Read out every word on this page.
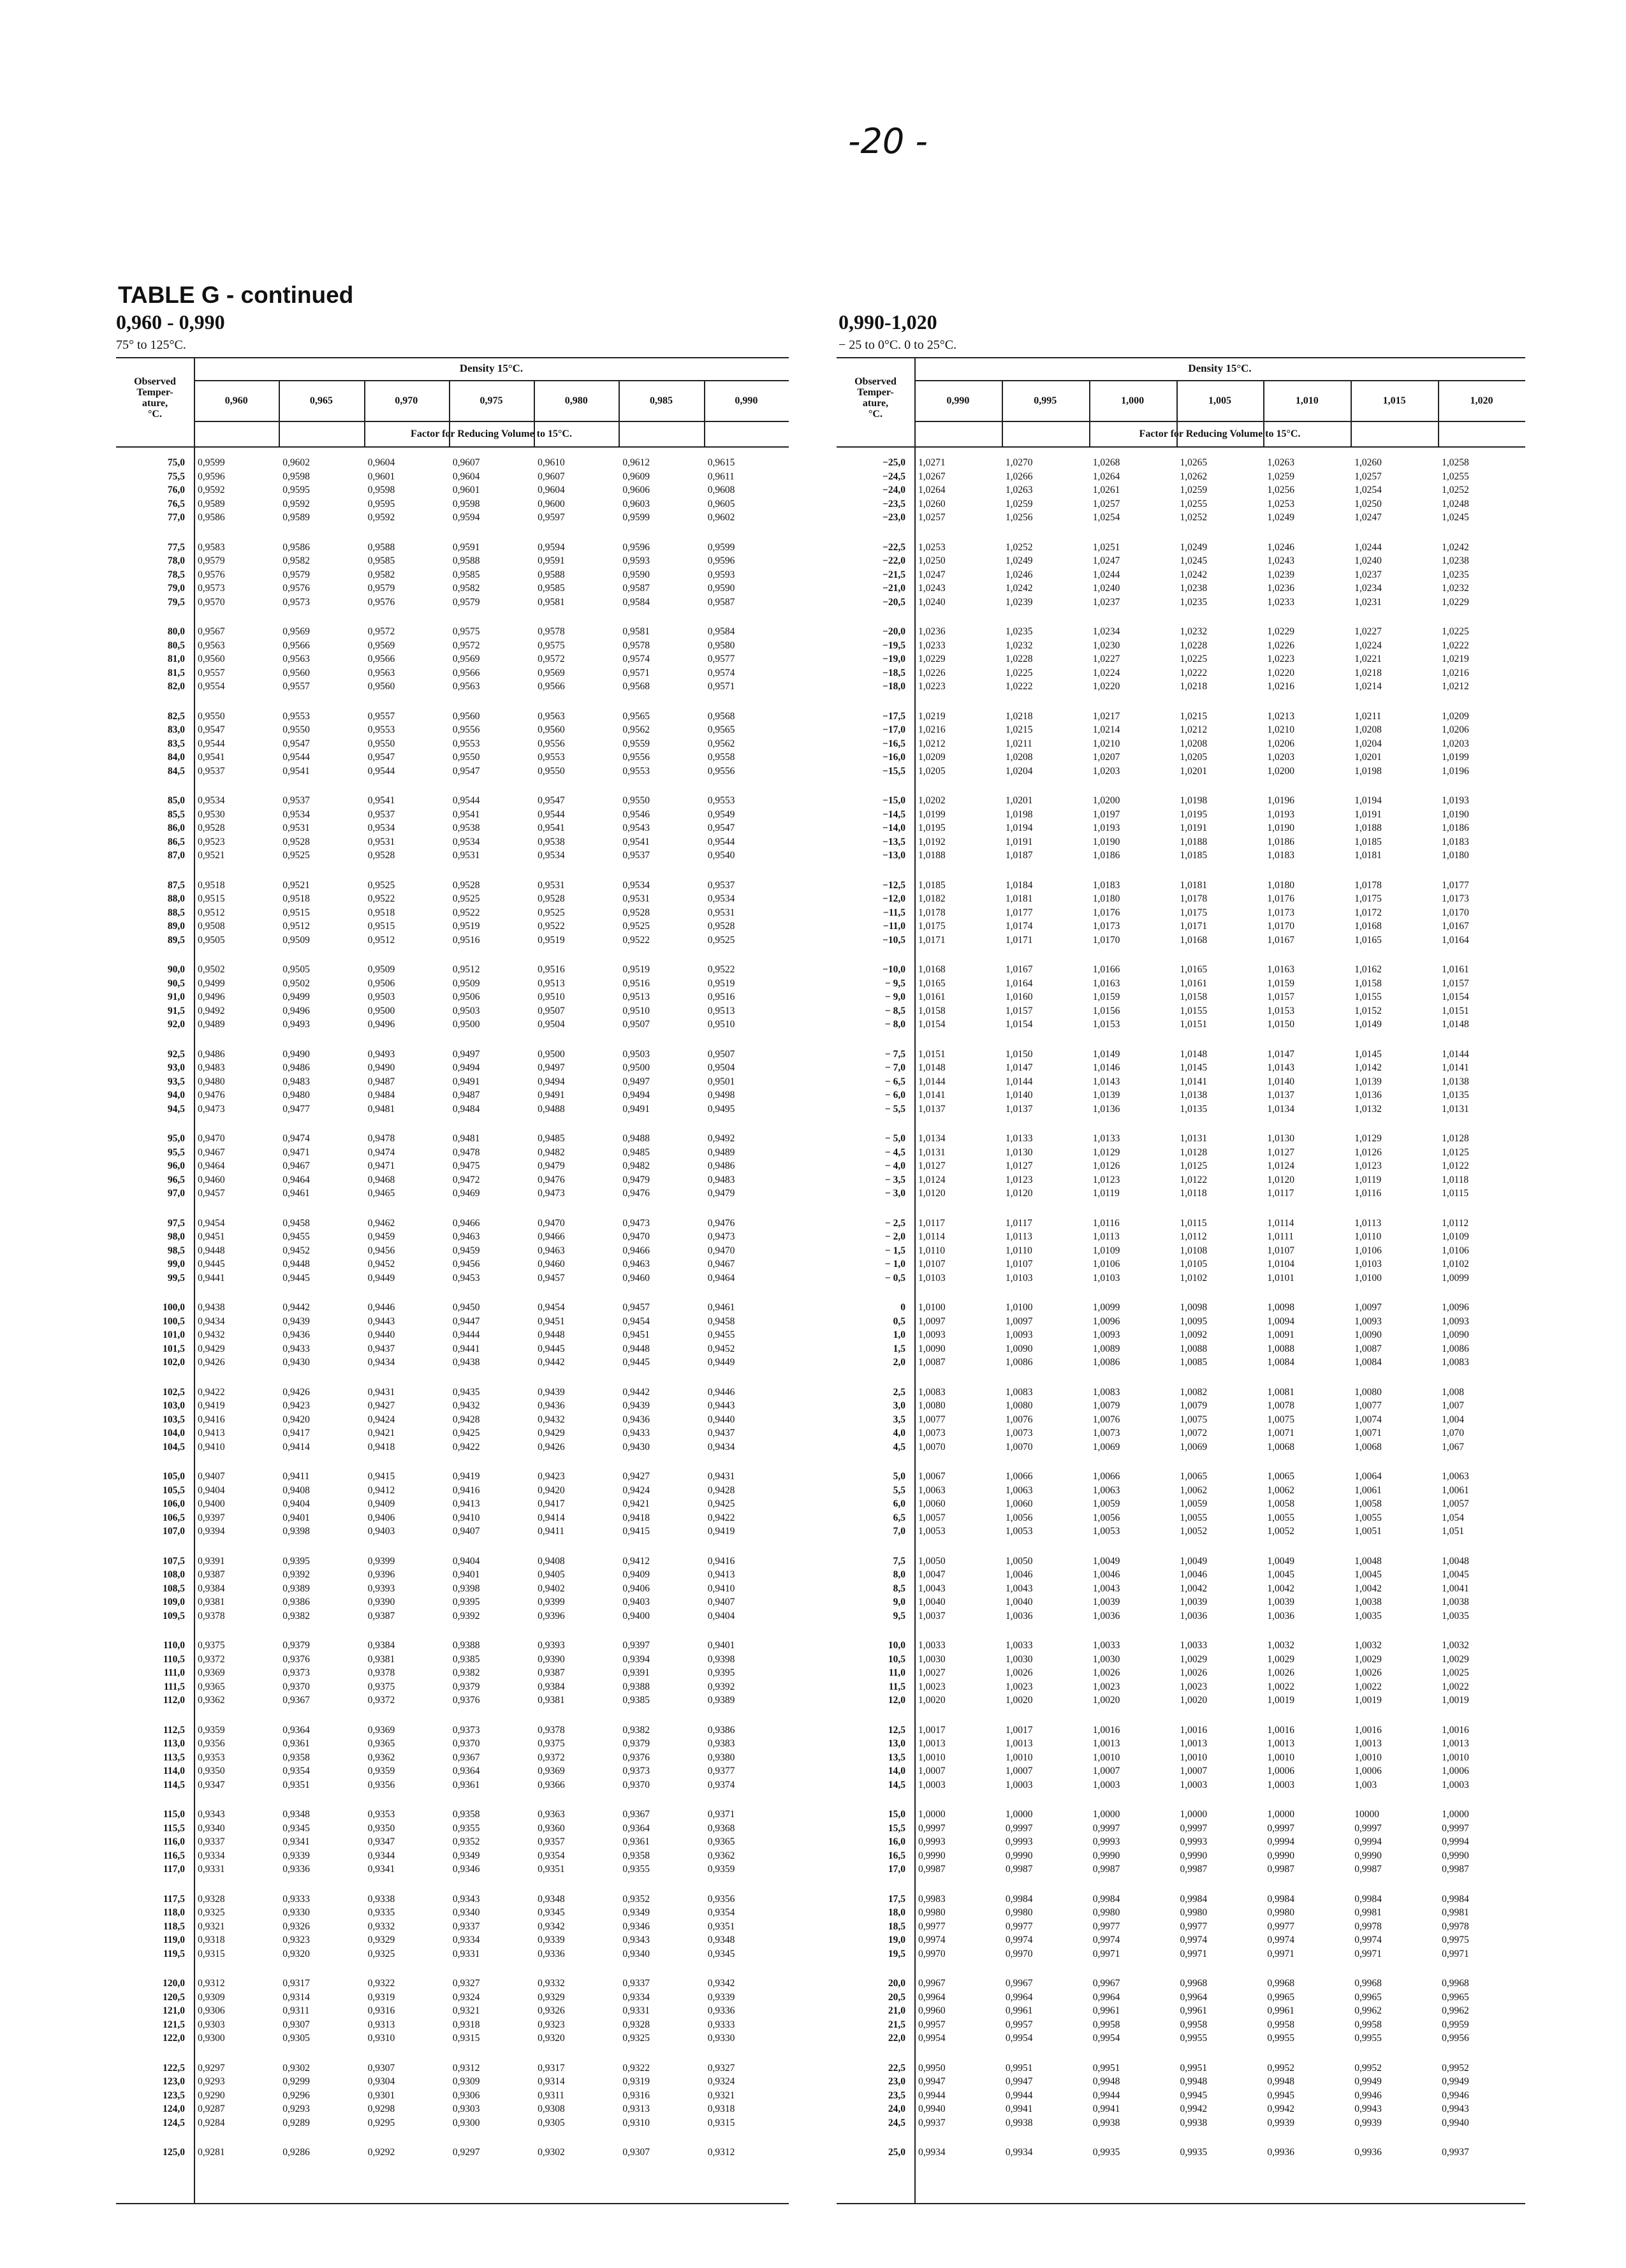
-20 -
TABLE G - continued
0,960 - 0,990
75° to 125°C.
0,990-1,020
− 25 to 0°C. 0 to 25°C.
Observed
Temper-
ature,
°C.
Density 15°C.
0,960	0,965	0,970	0,975	0,980	0,985	0,990
Factor for Reducing Volume to 15°C.
75,0	0,9599	0,9602	0,9604	0,9607	0,9610	0,9612	0,9615
75,5	0,9596	0,9598	0,9601	0,9604	0,9607	0,9609	0,9611
76,0	0,9592	0,9595	0,9598	0,9601	0,9604	0,9606	0,9608
76,5	0,9589	0,9592	0,9595	0,9598	0,9600	0,9603	0,9605
77,0	0,9586	0,9589	0,9592	0,9594	0,9597	0,9599	0,9602
77,5	0,9583	0,9586	0,9588	0,9591	0,9594	0,9596	0,9599
78,0	0,9579	0,9582	0,9585	0,9588	0,9591	0,9593	0,9596
78,5	0,9576	0,9579	0,9582	0,9585	0,9588	0,9590	0,9593
79,0	0,9573	0,9576	0,9579	0,9582	0,9585	0,9587	0,9590
79,5	0,9570	0,9573	0,9576	0,9579	0,9581	0,9584	0,9587
80,0	0,9567	0,9569	0,9572	0,9575	0,9578	0,9581	0,9584
80,5	0,9563	0,9566	0,9569	0,9572	0,9575	0,9578	0,9580
81,0	0,9560	0,9563	0,9566	0,9569	0,9572	0,9574	0,9577
81,5	0,9557	0,9560	0,9563	0,9566	0,9569	0,9571	0,9574
82,0	0,9554	0,9557	0,9560	0,9563	0,9566	0,9568	0,9571
82,5	0,9550	0,9553	0,9557	0,9560	0,9563	0,9565	0,9568
83,0	0,9547	0,9550	0,9553	0,9556	0,9560	0,9562	0,9565
83,5	0,9544	0,9547	0,9550	0,9553	0,9556	0,9559	0,9562
84,0	0,9541	0,9544	0,9547	0,9550	0,9553	0,9556	0,9558
84,5	0,9537	0,9541	0,9544	0,9547	0,9550	0,9553	0,9556
85,0	0,9534	0,9537	0,9541	0,9544	0,9547	0,9550	0,9553
85,5	0,9530	0,9534	0,9537	0,9541	0,9544	0,9546	0,9549
86,0	0,9528	0,9531	0,9534	0,9538	0,9541	0,9543	0,9547
86,5	0,9523	0,9528	0,9531	0,9534	0,9538	0,9541	0,9544
87,0	0,9521	0,9525	0,9528	0,9531	0,9534	0,9537	0,9540
87,5	0,9518	0,9521	0,9525	0,9528	0,9531	0,9534	0,9537
88,0	0,9515	0,9518	0,9522	0,9525	0,9528	0,9531	0,9534
88,5	0,9512	0,9515	0,9518	0,9522	0,9525	0,9528	0,9531
89,0	0,9508	0,9512	0,9515	0,9519	0,9522	0,9525	0,9528
89,5	0,9505	0,9509	0,9512	0,9516	0,9519	0,9522	0,9525
90,0	0,9502	0,9505	0,9509	0,9512	0,9516	0,9519	0,9522
90,5	0,9499	0,9502	0,9506	0,9509	0,9513	0,9516	0,9519
91,0	0,9496	0,9499	0,9503	0,9506	0,9510	0,9513	0,9516
91,5	0,9492	0,9496	0,9500	0,9503	0,9507	0,9510	0,9513
92,0	0,9489	0,9493	0,9496	0,9500	0,9504	0,9507	0,9510
92,5	0,9486	0,9490	0,9493	0,9497	0,9500	0,9503	0,9507
93,0	0,9483	0,9486	0,9490	0,9494	0,9497	0,9500	0,9504
93,5	0,9480	0,9483	0,9487	0,9491	0,9494	0,9497	0,9501
94,0	0,9476	0,9480	0,9484	0,9487	0,9491	0,9494	0,9498
94,5	0,9473	0,9477	0,9481	0,9484	0,9488	0,9491	0,9495
95,0	0,9470	0,9474	0,9478	0,9481	0,9485	0,9488	0,9492
95,5	0,9467	0,9471	0,9474	0,9478	0,9482	0,9485	0,9489
96,0	0,9464	0,9467	0,9471	0,9475	0,9479	0,9482	0,9486
96,5	0,9460	0,9464	0,9468	0,9472	0,9476	0,9479	0,9483
97,0	0,9457	0,9461	0,9465	0,9469	0,9473	0,9476	0,9479
97,5	0,9454	0,9458	0,9462	0,9466	0,9470	0,9473	0,9476
98,0	0,9451	0,9455	0,9459	0,9463	0,9466	0,9470	0,9473
98,5	0,9448	0,9452	0,9456	0,9459	0,9463	0,9466	0,9470
99,0	0,9445	0,9448	0,9452	0,9456	0,9460	0,9463	0,9467
99,5	0,9441	0,9445	0,9449	0,9453	0,9457	0,9460	0,9464
100,0	0,9438	0,9442	0,9446	0,9450	0,9454	0,9457	0,9461
100,5	0,9434	0,9439	0,9443	0,9447	0,9451	0,9454	0,9458
101,0	0,9432	0,9436	0,9440	0,9444	0,9448	0,9451	0,9455
101,5	0,9429	0,9433	0,9437	0,9441	0,9445	0,9448	0,9452
102,0	0,9426	0,9430	0,9434	0,9438	0,9442	0,9445	0,9449
102,5	0,9422	0,9426	0,9431	0,9435	0,9439	0,9442	0,9446
103,0	0,9419	0,9423	0,9427	0,9432	0,9436	0,9439	0,9443
103,5	0,9416	0,9420	0,9424	0,9428	0,9432	0,9436	0,9440
104,0	0,9413	0,9417	0,9421	0,9425	0,9429	0,9433	0,9437
104,5	0,9410	0,9414	0,9418	0,9422	0,9426	0,9430	0,9434
105,0	0,9407	0,9411	0,9415	0,9419	0,9423	0,9427	0,9431
105,5	0,9404	0,9408	0,9412	0,9416	0,9420	0,9424	0,9428
106,0	0,9400	0,9404	0,9409	0,9413	0,9417	0,9421	0,9425
106,5	0,9397	0,9401	0,9406	0,9410	0,9414	0,9418	0,9422
107,0	0,9394	0,9398	0,9403	0,9407	0,9411	0,9415	0,9419
107,5	0,9391	0,9395	0,9399	0,9404	0,9408	0,9412	0,9416
108,0	0,9387	0,9392	0,9396	0,9401	0,9405	0,9409	0,9413
108,5	0,9384	0,9389	0,9393	0,9398	0,9402	0,9406	0,9410
109,0	0,9381	0,9386	0,9390	0,9395	0,9399	0,9403	0,9407
109,5	0,9378	0,9382	0,9387	0,9392	0,9396	0,9400	0,9404
110,0	0,9375	0,9379	0,9384	0,9388	0,9393	0,9397	0,9401
110,5	0,9372	0,9376	0,9381	0,9385	0,9390	0,9394	0,9398
111,0	0,9369	0,9373	0,9378	0,9382	0,9387	0,9391	0,9395
111,5	0,9365	0,9370	0,9375	0,9379	0,9384	0,9388	0,9392
112,0	0,9362	0,9367	0,9372	0,9376	0,9381	0,9385	0,9389
112,5	0,9359	0,9364	0,9369	0,9373	0,9378	0,9382	0,9386
113,0	0,9356	0,9361	0,9365	0,9370	0,9375	0,9379	0,9383
113,5	0,9353	0,9358	0,9362	0,9367	0,9372	0,9376	0,9380
114,0	0,9350	0,9354	0,9359	0,9364	0,9369	0,9373	0,9377
114,5	0,9347	0,9351	0,9356	0,9361	0,9366	0,9370	0,9374
115,0	0,9343	0,9348	0,9353	0,9358	0,9363	0,9367	0,9371
115,5	0,9340	0,9345	0,9350	0,9355	0,9360	0,9364	0,9368
116,0	0,9337	0,9341	0,9347	0,9352	0,9357	0,9361	0,9365
116,5	0,9334	0,9339	0,9344	0,9349	0,9354	0,9358	0,9362
117,0	0,9331	0,9336	0,9341	0,9346	0,9351	0,9355	0,9359
117,5	0,9328	0,9333	0,9338	0,9343	0,9348	0,9352	0,9356
118,0	0,9325	0,9330	0,9335	0,9340	0,9345	0,9349	0,9354
118,5	0,9321	0,9326	0,9332	0,9337	0,9342	0,9346	0,9351
119,0	0,9318	0,9323	0,9329	0,9334	0,9339	0,9343	0,9348
119,5	0,9315	0,9320	0,9325	0,9331	0,9336	0,9340	0,9345
120,0	0,9312	0,9317	0,9322	0,9327	0,9332	0,9337	0,9342
120,5	0,9309	0,9314	0,9319	0,9324	0,9329	0,9334	0,9339
121,0	0,9306	0,9311	0,9316	0,9321	0,9326	0,9331	0,9336
121,5	0,9303	0,9307	0,9313	0,9318	0,9323	0,9328	0,9333
122,0	0,9300	0,9305	0,9310	0,9315	0,9320	0,9325	0,9330
122,5	0,9297	0,9302	0,9307	0,9312	0,9317	0,9322	0,9327
123,0	0,9293	0,9299	0,9304	0,9309	0,9314	0,9319	0,9324
123,5	0,9290	0,9296	0,9301	0,9306	0,9311	0,9316	0,9321
124,0	0,9287	0,9293	0,9298	0,9303	0,9308	0,9313	0,9318
124,5	0,9284	0,9289	0,9295	0,9300	0,9305	0,9310	0,9315
125,0	0,9281	0,9286	0,9292	0,9297	0,9302	0,9307	0,9312
Observed
Temper-
ature,
°C.
Density 15°C.
0,990	0,995	1,000	1,005	1,010	1,015	1,020
Factor for Reducing Volume to 15°C.
−25,0	1,0271	1,0270	1,0268	1,0265	1,0263	1,0260	1,0258
−24,5	1,0267	1,0266	1,0264	1,0262	1,0259	1,0257	1,0255
−24,0	1,0264	1,0263	1,0261	1,0259	1,0256	1,0254	1,0252
−23,5	1,0260	1,0259	1,0257	1,0255	1,0253	1,0250	1,0248
−23,0	1,0257	1,0256	1,0254	1,0252	1,0249	1,0247	1,0245
−22,5	1,0253	1,0252	1,0251	1,0249	1,0246	1,0244	1,0242
−22,0	1,0250	1,0249	1,0247	1,0245	1,0243	1,0240	1,0238
−21,5	1,0247	1,0246	1,0244	1,0242	1,0239	1,0237	1,0235
−21,0	1,0243	1,0242	1,0240	1,0238	1,0236	1,0234	1,0232
−20,5	1,0240	1,0239	1,0237	1,0235	1,0233	1,0231	1,0229
−20,0	1,0236	1,0235	1,0234	1,0232	1,0229	1,0227	1,0225
−19,5	1,0233	1,0232	1,0230	1,0228	1,0226	1,0224	1,0222
−19,0	1,0229	1,0228	1,0227	1,0225	1,0223	1,0221	1,0219
−18,5	1,0226	1,0225	1,0224	1,0222	1,0220	1,0218	1,0216
−18,0	1,0223	1,0222	1,0220	1,0218	1,0216	1,0214	1,0212
−17,5	1,0219	1,0218	1,0217	1,0215	1,0213	1,0211	1,0209
−17,0	1,0216	1,0215	1,0214	1,0212	1,0210	1,0208	1,0206
−16,5	1,0212	1,0211	1,0210	1,0208	1,0206	1,0204	1,0203
−16,0	1,0209	1,0208	1,0207	1,0205	1,0203	1,0201	1,0199
−15,5	1,0205	1,0204	1,0203	1,0201	1,0200	1,0198	1,0196
−15,0	1,0202	1,0201	1,0200	1,0198	1,0196	1,0194	1,0193
−14,5	1,0199	1,0198	1,0197	1,0195	1,0193	1,0191	1,0190
−14,0	1,0195	1,0194	1,0193	1,0191	1,0190	1,0188	1,0186
−13,5	1,0192	1,0191	1,0190	1,0188	1,0186	1,0185	1,0183
−13,0	1,0188	1,0187	1,0186	1,0185	1,0183	1,0181	1,0180
−12,5	1,0185	1,0184	1,0183	1,0181	1,0180	1,0178	1,0177
−12,0	1,0182	1,0181	1,0180	1,0178	1,0176	1,0175	1,0173
−11,5	1,0178	1,0177	1,0176	1,0175	1,0173	1,0172	1,0170
−11,0	1,0175	1,0174	1,0173	1,0171	1,0170	1,0168	1,0167
−10,5	1,0171	1,0171	1,0170	1,0168	1,0167	1,0165	1,0164
−10,0	1,0168	1,0167	1,0166	1,0165	1,0163	1,0162	1,0161
− 9,5	1,0165	1,0164	1,0163	1,0161	1,0159	1,0158	1,0157
− 9,0	1,0161	1,0160	1,0159	1,0158	1,0157	1,0155	1,0154
− 8,5	1,0158	1,0157	1,0156	1,0155	1,0153	1,0152	1,0151
− 8,0	1,0154	1,0154	1,0153	1,0151	1,0150	1,0149	1,0148
− 7,5	1,0151	1,0150	1,0149	1,0148	1,0147	1,0145	1,0144
− 7,0	1,0148	1,0147	1,0146	1,0145	1,0143	1,0142	1,0141
− 6,5	1,0144	1,0144	1,0143	1,0141	1,0140	1,0139	1,0138
− 6,0	1,0141	1,0140	1,0139	1,0138	1,0137	1,0136	1,0135
− 5,5	1,0137	1,0137	1,0136	1,0135	1,0134	1,0132	1,0131
− 5,0	1,0134	1,0133	1,0133	1,0131	1,0130	1,0129	1,0128
− 4,5	1,0131	1,0130	1,0129	1,0128	1,0127	1,0126	1,0125
− 4,0	1,0127	1,0127	1,0126	1,0125	1,0124	1,0123	1,0122
− 3,5	1,0124	1,0123	1,0123	1,0122	1,0120	1,0119	1,0118
− 3,0	1,0120	1,0120	1,0119	1,0118	1,0117	1,0116	1,0115
− 2,5	1,0117	1,0117	1,0116	1,0115	1,0114	1,0113	1,0112
− 2,0	1,0114	1,0113	1,0113	1,0112	1,0111	1,0110	1,0109
− 1,5	1,0110	1,0110	1,0109	1,0108	1,0107	1,0106	1,0106
− 1,0	1,0107	1,0107	1,0106	1,0105	1,0104	1,0103	1,0102
− 0,5	1,0103	1,0103	1,0103	1,0102	1,0101	1,0100	1,0099
0	1,0100	1,0100	1,0099	1,0098	1,0098	1,0097	1,0096
0,5	1,0097	1,0097	1,0096	1,0095	1,0094	1,0093	1,0093
1,0	1,0093	1,0093	1,0093	1,0092	1,0091	1,0090	1,0090
1,5	1,0090	1,0090	1,0089	1,0088	1,0088	1,0087	1,0086
2,0	1,0087	1,0086	1,0086	1,0085	1,0084	1,0084	1,0083
2,5	1,0083	1,0083	1,0083	1,0082	1,0081	1,0080	1,008
3,0	1,0080	1,0080	1,0079	1,0079	1,0078	1,0077	1,007
3,5	1,0077	1,0076	1,0076	1,0075	1,0075	1,0074	1,004
4,0	1,0073	1,0073	1,0073	1,0072	1,0071	1,0071	1,070
4,5	1,0070	1,0070	1,0069	1,0069	1,0068	1,0068	1,067
5,0	1,0067	1,0066	1,0066	1,0065	1,0065	1,0064	1,0063
5,5	1,0063	1,0063	1,0063	1,0062	1,0062	1,0061	1,0061
6,0	1,0060	1,0060	1,0059	1,0059	1,0058	1,0058	1,0057
6,5	1,0057	1,0056	1,0056	1,0055	1,0055	1,0055	1,054
7,0	1,0053	1,0053	1,0053	1,0052	1,0052	1,0051	1,051
7,5	1,0050	1,0050	1,0049	1,0049	1,0049	1,0048	1,0048
8,0	1,0047	1,0046	1,0046	1,0046	1,0045	1,0045	1,0045
8,5	1,0043	1,0043	1,0043	1,0042	1,0042	1,0042	1,0041
9,0	1,0040	1,0040	1,0039	1,0039	1,0039	1,0038	1,0038
9,5	1,0037	1,0036	1,0036	1,0036	1,0036	1,0035	1,0035
10,0	1,0033	1,0033	1,0033	1,0033	1,0032	1,0032	1,0032
10,5	1,0030	1,0030	1,0030	1,0029	1,0029	1,0029	1,0029
11,0	1,0027	1,0026	1,0026	1,0026	1,0026	1,0026	1,0025
11,5	1,0023	1,0023	1,0023	1,0023	1,0022	1,0022	1,0022
12,0	1,0020	1,0020	1,0020	1,0020	1,0019	1,0019	1,0019
12,5	1,0017	1,0017	1,0016	1,0016	1,0016	1,0016	1,0016
13,0	1,0013	1,0013	1,0013	1,0013	1,0013	1,0013	1,0013
13,5	1,0010	1,0010	1,0010	1,0010	1,0010	1,0010	1,0010
14,0	1,0007	1,0007	1,0007	1,0007	1,0006	1,0006	1,0006
14,5	1,0003	1,0003	1,0003	1,0003	1,0003	1,003	1,0003
15,0	1,0000	1,0000	1,0000	1,0000	1,0000	10000	1,0000
15,5	0,9997	0,9997	0,9997	0,9997	0,9997	0,9997	0,9997
16,0	0,9993	0,9993	0,9993	0,9993	0,9994	0,9994	0,9994
16,5	0,9990	0,9990	0,9990	0,9990	0,9990	0,9990	0,9990
17,0	0,9987	0,9987	0,9987	0,9987	0,9987	0,9987	0,9987
17,5	0,9983	0,9984	0,9984	0,9984	0,9984	0,9984	0,9984
18,0	0,9980	0,9980	0,9980	0,9980	0,9980	0,9981	0,9981
18,5	0,9977	0,9977	0,9977	0,9977	0,9977	0,9978	0,9978
19,0	0,9974	0,9974	0,9974	0,9974	0,9974	0,9974	0,9975
19,5	0,9970	0,9970	0,9971	0,9971	0,9971	0,9971	0,9971
20,0	0,9967	0,9967	0,9967	0,9968	0,9968	0,9968	0,9968
20,5	0,9964	0,9964	0,9964	0,9964	0,9965	0,9965	0,9965
21,0	0,9960	0,9961	0,9961	0,9961	0,9961	0,9962	0,9962
21,5	0,9957	0,9957	0,9958	0,9958	0,9958	0,9958	0,9959
22,0	0,9954	0,9954	0,9954	0,9955	0,9955	0,9955	0,9956
22,5	0,9950	0,9951	0,9951	0,9951	0,9952	0,9952	0,9952
23,0	0,9947	0,9947	0,9948	0,9948	0,9948	0,9949	0,9949
23,5	0,9944	0,9944	0,9944	0,9945	0,9945	0,9946	0,9946
24,0	0,9940	0,9941	0,9941	0,9942	0,9942	0,9943	0,9943
24,5	0,9937	0,9938	0,9938	0,9938	0,9939	0,9939	0,9940
25,0	0,9934	0,9934	0,9935	0,9935	0,9936	0,9936	0,9937
